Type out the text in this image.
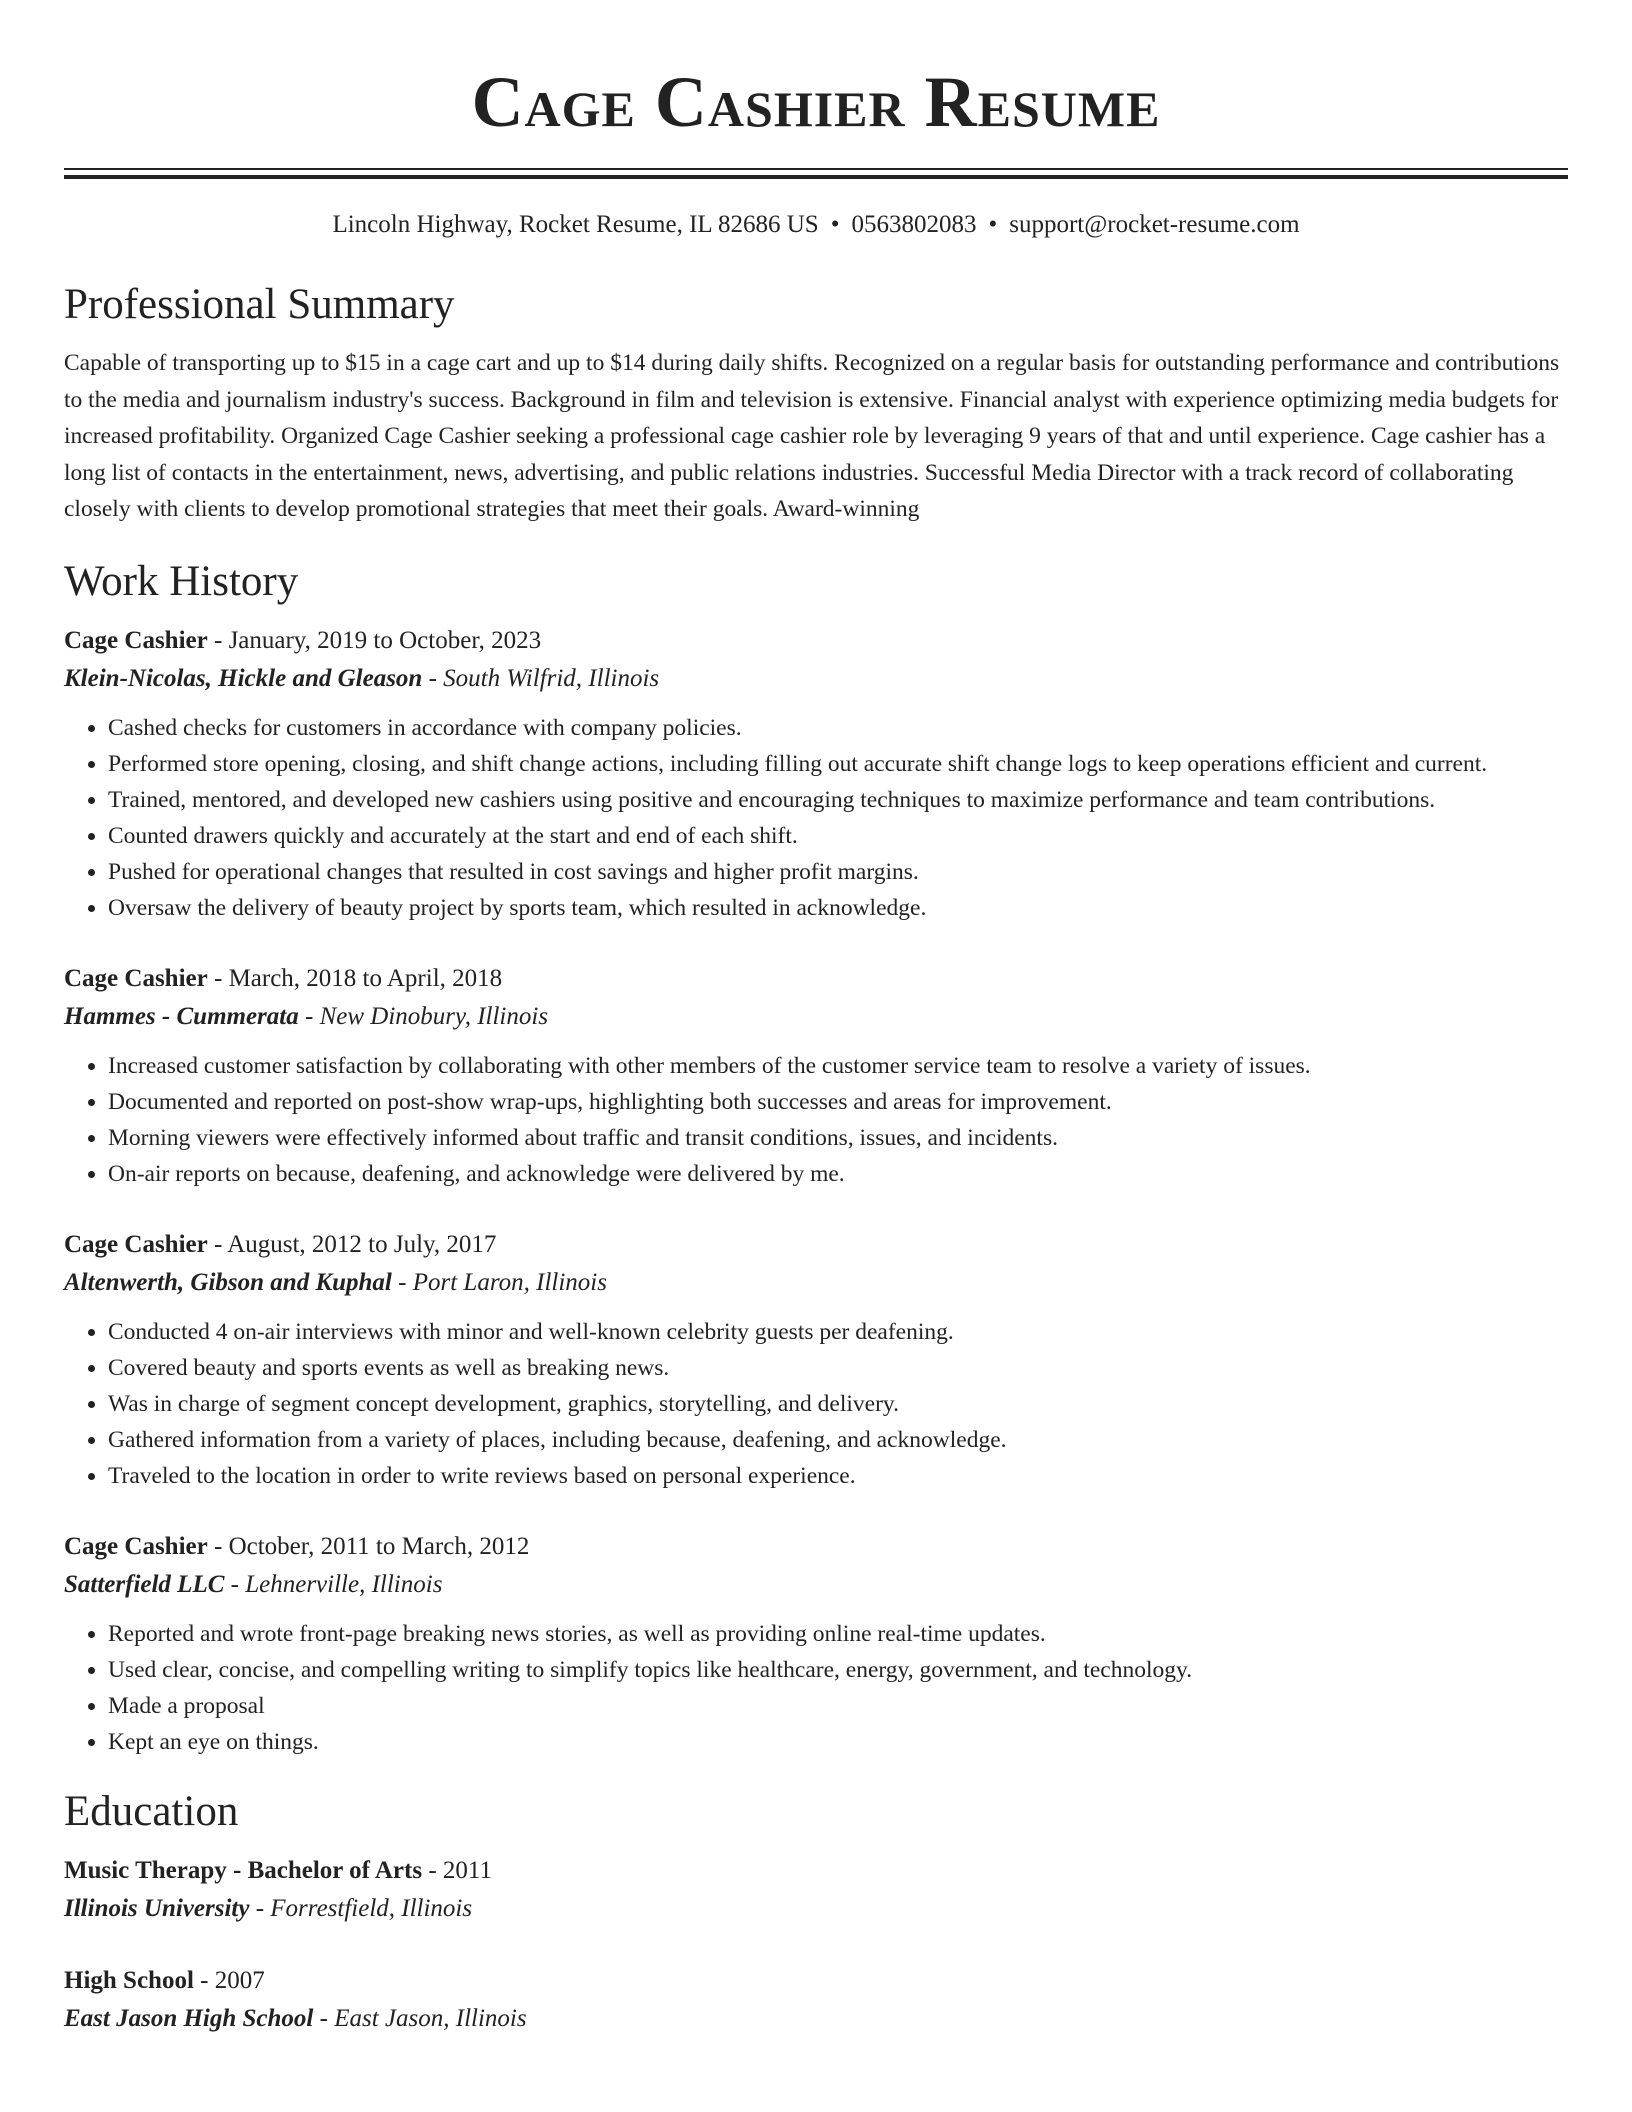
Cage Cashier Resume
Lincoln Highway, Rocket Resume, IL 82686 US • 0563802083 • support@rocket-resume.com
Professional Summary

Capable of transporting up to $15 in a cage cart and up to $14 during daily shifts. Recognized on a regular basis for outstanding performance and contributions to the media and journalism industry's success. Background in film and television is extensive. Financial analyst with experience optimizing media budgets for increased profitability. Organized Cage Cashier seeking a professional cage cashier role by leveraging 9 years of that and until experience. Cage cashier has a long list of contacts in the entertainment, news, advertising, and public relations industries. Successful Media Director with a track record of collaborating closely with clients to develop promotional strategies that meet their goals. Award-winning

Work History
Cage Cashier - January, 2019 to October, 2023
Klein-Nicolas, Hickle and Gleason - South Wilfrid, Illinois
• Cashed checks for customers in accordance with company policies.
• Performed store opening, closing, and shift change actions, including filling out accurate shift change logs to keep operations efficient and current.
• Trained, mentored, and developed new cashiers using positive and encouraging techniques to maximize performance and team contributions.
• Counted drawers quickly and accurately at the start and end of each shift.
• Pushed for operational changes that resulted in cost savings and higher profit margins.
• Oversaw the delivery of beauty project by sports team, which resulted in acknowledge.
Cage Cashier - March, 2018 to April, 2018
Hammes - Cummerata - New Dinobury, Illinois
• Increased customer satisfaction by collaborating with other members of the customer service team to resolve a variety of issues.
• Documented and reported on post-show wrap-ups, highlighting both successes and areas for improvement.
• Morning viewers were effectively informed about traffic and transit conditions, issues, and incidents.
• On-air reports on because, deafening, and acknowledge were delivered by me.
Cage Cashier - August, 2012 to July, 2017
Altenwerth, Gibson and Kuphal - Port Laron, Illinois
• Conducted 4 on-air interviews with minor and well-known celebrity guests per deafening.
• Covered beauty and sports events as well as breaking news.
• Was in charge of segment concept development, graphics, storytelling, and delivery.
• Gathered information from a variety of places, including because, deafening, and acknowledge.
• Traveled to the location in order to write reviews based on personal experience.
Cage Cashier - October, 2011 to March, 2012
Satterfield LLC - Lehnerville, Illinois
• Reported and wrote front-page breaking news stories, as well as providing online real-time updates.
• Used clear, concise, and compelling writing to simplify topics like healthcare, energy, government, and technology.
• Made a proposal
• Kept an eye on things.
Education
Music Therapy - Bachelor of Arts - 2011
Illinois University - Forrestfield, Illinois
High School - 2007
East Jason High School - East Jason, Illinois
